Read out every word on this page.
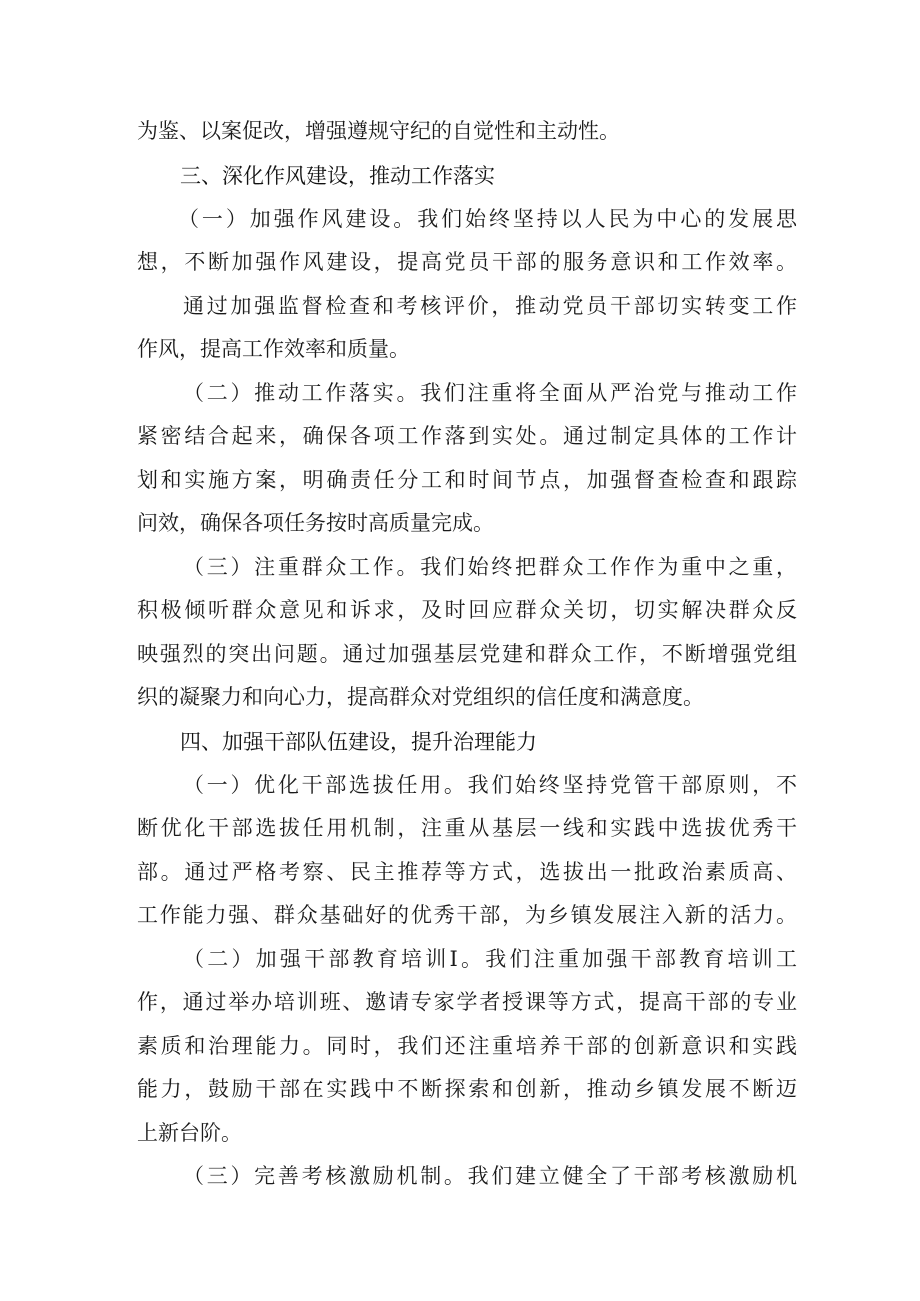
为鉴、以案促改，增强遵规守纪的自觉性和主动性。
三、深化作风建设，推动工作落实
（一）加强作风建设。我们始终坚持以人民为中心的发展思
想，不断加强作风建设，提高党员干部的服务意识和工作效率。
通过加强监督检查和考核评价，推动党员干部切实转变工作
作风，提高工作效率和质量。
（二）推动工作落实。我们注重将全面从严治党与推动工作
紧密结合起来，确保各项工作落到实处。通过制定具体的工作计
划和实施方案，明确责任分工和时间节点，加强督查检查和跟踪
问效，确保各项任务按时高质量完成。
（三）注重群众工作。我们始终把群众工作作为重中之重，
积极倾听群众意见和诉求，及时回应群众关切，切实解决群众反
映强烈的突出问题。通过加强基层党建和群众工作，不断增强党组
织的凝聚力和向心力，提高群众对党组织的信任度和满意度。
四、加强干部队伍建设，提升治理能力
（一）优化干部选拔任用。我们始终坚持党管干部原则，不
断优化干部选拔任用机制，注重从基层一线和实践中选拔优秀干
部。通过严格考察、民主推荐等方式，选拔出一批政治素质高、
工作能力强、群众基础好的优秀干部，为乡镇发展注入新的活力。
（二）加强干部教育培训Ⅰ。我们注重加强干部教育培训工
作，通过举办培训班、邀请专家学者授课等方式，提高干部的专业
素质和治理能力。同时，我们还注重培养干部的创新意识和实践
能力，鼓励干部在实践中不断探索和创新，推动乡镇发展不断迈
上新台阶。
（三）完善考核激励机制。我们建立健全了干部考核激励机
